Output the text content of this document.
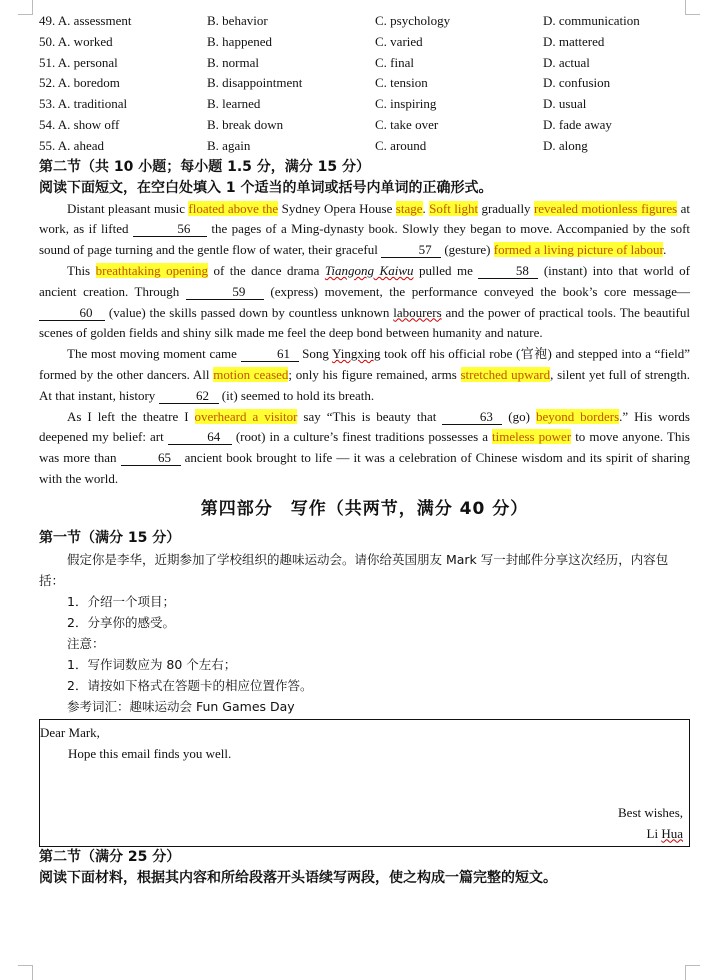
49. A. assessment	B. behavior	C. psychology	D. communication
50. A. worked	B. happened	C. varied	D. mattered
51. A. personal	B. normal	C. final	D. actual
52. A. boredom	B. disappointment	C. tension	D. confusion
53. A. traditional	B. learned	C. inspiring	D. usual
54. A. show off	B. break down	C. take over	D. fade away
55. A. ahead	B. again	C. around	D. along
第二节（共 10 小题；每小题 1.5 分，满分 15 分）
阅读下面短文，在空白处填入 1 个适当的单词或括号内单词的正确形式。

Distant pleasant music floated above the Sydney Opera House stage. Soft light gradually revealed motionless figures at work, as if lifted	56 the pages of a Ming-dynasty book. Slowly they began to move. Accompanied by the soft sound of page turning and the gentle flow of water, their graceful	57 (gesture) formed a living picture of labour.

This breathtaking opening of the dance drama Tiangong Kaiwu pulled me	58 (instant) into that world of ancient creation. Through	59 (express) movement, the performance conveyed the book’s core message—60 (value) the skills passed down by countless unknown labourers and the power of practical tools. The beautiful scenes of golden fields and shiny silk made me feel the deep bond between humanity and nature.

The most moving moment came	61 Song Yingxing took off his official robe (官袍) and stepped into a “field” formed by the other dancers. All motion ceased; only his figure remained, arms stretched upward, silent yet full of strength. At that instant, history	62 (it) seemed to hold its breath.

As I left the theatre I overheard a visitor say “This is beauty that	63 (go) beyond borders.” His words deepened my belief: art	64 (root) in a culture’s finest traditions possesses a timeless power to move anyone. This was more than	65 ancient book brought to life — it was a celebration of Chinese wisdom and its spirit of sharing with the world.

第四部分　写作（共两节，满分 40 分）
第一节（满分 15 分）

假定你是李华，近期参加了学校组织的趣味运动会。请你给英国朋友 Mark 写一封邮件分享这次经历，内容包括：

1．介绍一个项目；

2．分享你的感受。

注意：

1．写作词数应为 80 个左右；

2．请按如下格式在答题卡的相应位置作答。

参考词汇：趣味运动会 Fun Games Day

Dear Mark,

Hope this email finds you well.

Best wishes,

Li Hua

第二节（满分 25 分）
阅读下面材料，根据其内容和所给段落开头语续写两段，使之构成一篇完整的短文。
